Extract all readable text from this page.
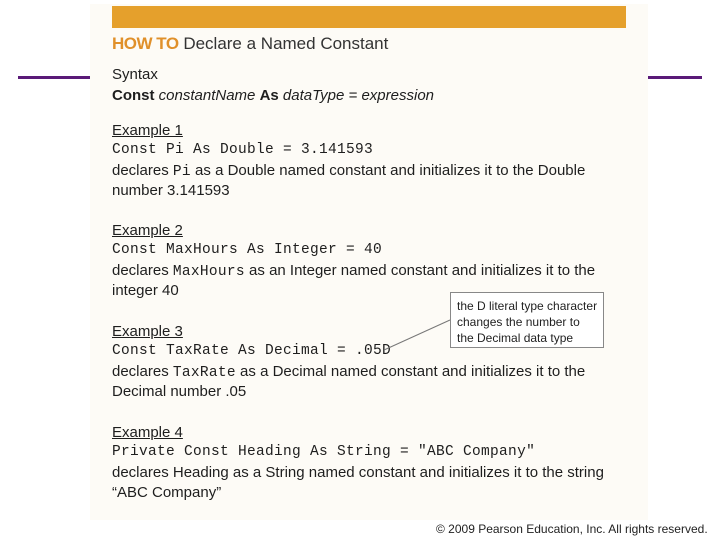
HOW TO Declare a Named Constant
Syntax
Const constantName As dataType = expression
Example 1
Const Pi As Double = 3.141593
declares Pi as a Double named constant and initializes it to the Double
number 3.141593
Example 2
Const MaxHours As Integer = 40
declares MaxHours as an Integer named constant and initializes it to the
integer 40
Example 3
Const TaxRate As Decimal = .05D
declares TaxRate as a Decimal named constant and initializes it to the
Decimal number .05
Example 4
Private Const Heading As String = "ABC Company"
declares Heading as a String named constant and initializes it to the string
“ABC Company”
the D literal type character
changes the number to
the Decimal data type
© 2009 Pearson Education, Inc. All rights reserved.
